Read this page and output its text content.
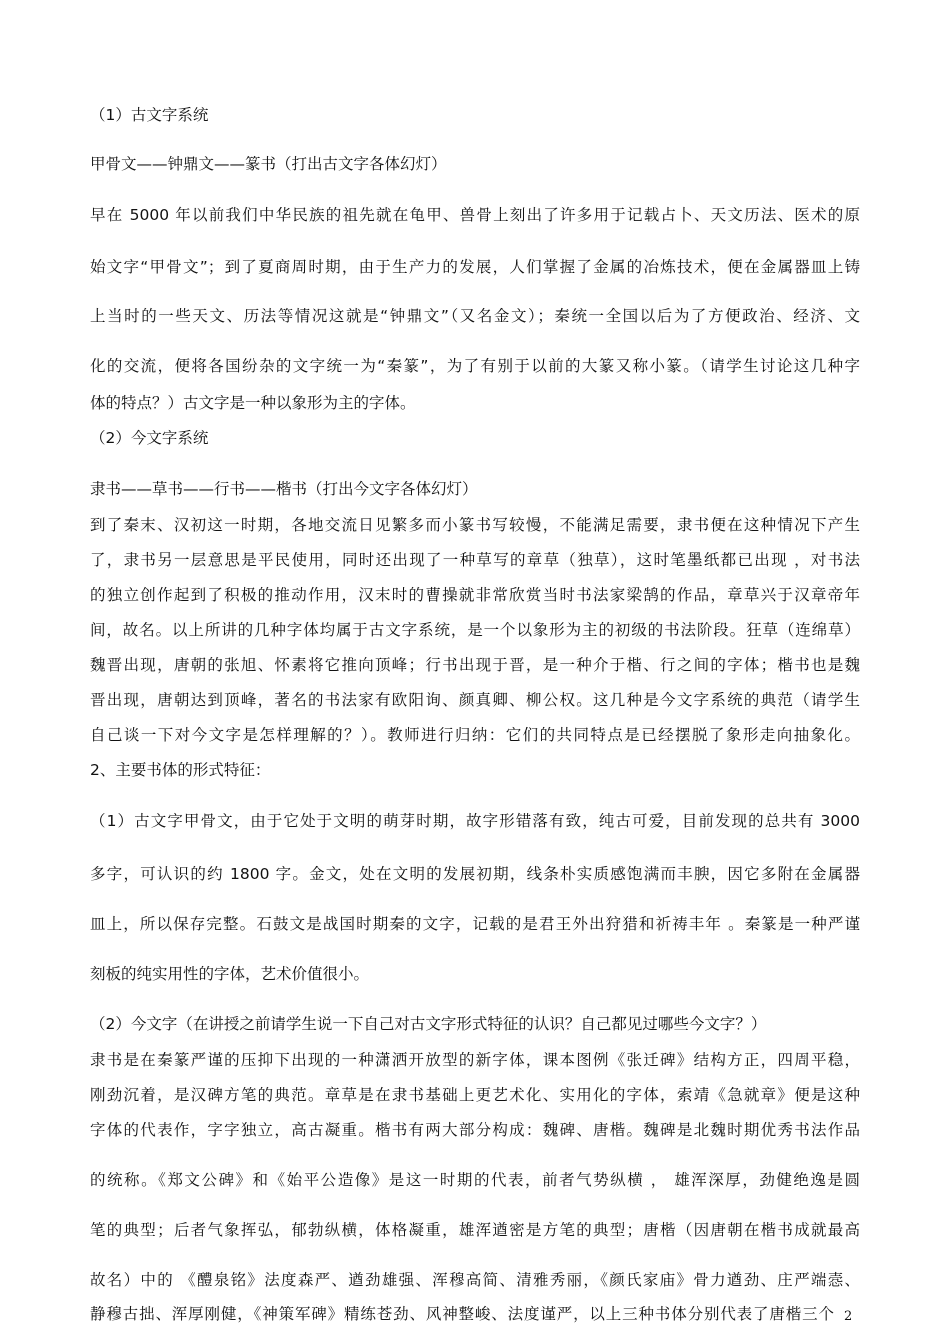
（1）古文字系统
甲骨文——钟鼎文——篆书（打出古文字各体幻灯）
早在 5000 年以前我们中华民族的祖先就在龟甲、兽骨上刻出了许多用于记载占卜、天文历法、医术的原
始文字“甲骨文”；到了夏商周时期，由于生产力的发展，人们掌握了金属的冶炼技术，便在金属器皿上铸
上当时的一些天文、历法等情况这就是“钟鼎文”（又名金文）；秦统一全国以后为了方便政治、经济、文
化的交流，便将各国纷杂的文字统一为“秦篆”，为了有别于以前的大篆又称小篆。（请学生讨论这几种字
体的特点？）古文字是一种以象形为主的字体。
（2）今文字系统
隶书——草书——行书——楷书（打出今文字各体幻灯）
到了秦末、汉初这一时期，各地交流日见繁多而小篆书写较慢，不能满足需要，隶书便在这种情况下产生
了，隶书另一层意思是平民使用，同时还出现了一种草写的章草（独草），这时笔墨纸都已出现 ，对书法
的独立创作起到了积极的推动作用，汉末时的曹操就非常欣赏当时书法家梁鹄的作品，章草兴于汉章帝年
间，故名。以上所讲的几种字体均属于古文字系统，是一个以象形为主的初级的书法阶段。狂草（连绵草）
魏晋出现，唐朝的张旭、怀素将它推向顶峰；行书出现于晋，是一种介于楷、行之间的字体；楷书也是魏
晋出现，唐朝达到顶峰，著名的书法家有欧阳询、颜真卿、柳公权。这几种是今文字系统的典范（请学生
自己谈一下对今文字是怎样理解的？）。教师进行归纳：它们的共同特点是已经摆脱了象形走向抽象化。
2、主要书体的形式特征：
（1）古文字甲骨文，由于它处于文明的萌芽时期，故字形错落有致，纯古可爱，目前发现的总共有 3000
多字，可认识的约 1800 字。金文，处在文明的发展初期，线条朴实质感饱满而丰腴，因它多附在金属器
皿上，所以保存完整。石鼓文是战国时期秦的文字，记载的是君王外出狩猎和祈祷丰年 。秦篆是一种严谨
刻板的纯实用性的字体，艺术价值很小。
（2）今文字（在讲授之前请学生说一下自己对古文字形式特征的认识？自己都见过哪些今文字？）
隶书是在秦篆严谨的压抑下出现的一种潇洒开放型的新字体，课本图例《张迁碑》结构方正，四周平稳，
刚劲沉着，是汉碑方笔的典范。章草是在隶书基础上更艺术化、实用化的字体，索靖《急就章》便是这种
字体的代表作，字字独立，高古凝重。楷书有两大部分构成：魏碑、唐楷。魏碑是北魏时期优秀书法作品
的统称。《郑文公碑》和《始平公造像》是这一时期的代表，前者气势纵横 ， 雄浑深厚，劲健绝逸是圆
笔的典型；后者气象挥弘，郁勃纵横，体格凝重，雄浑遒密是方笔的典型；唐楷（因唐朝在楷书成就最高
故名）中的 《醴泉铭》法度森严、遒劲雄强、浑穆高简、清雅秀丽，《颜氏家庙》骨力遒劲、庄严端悫、
静穆古拙、浑厚刚健，《神策军碑》精练苍劲、风神整峻、法度谨严，以上三种书体分别代表了唐楷三个 2
